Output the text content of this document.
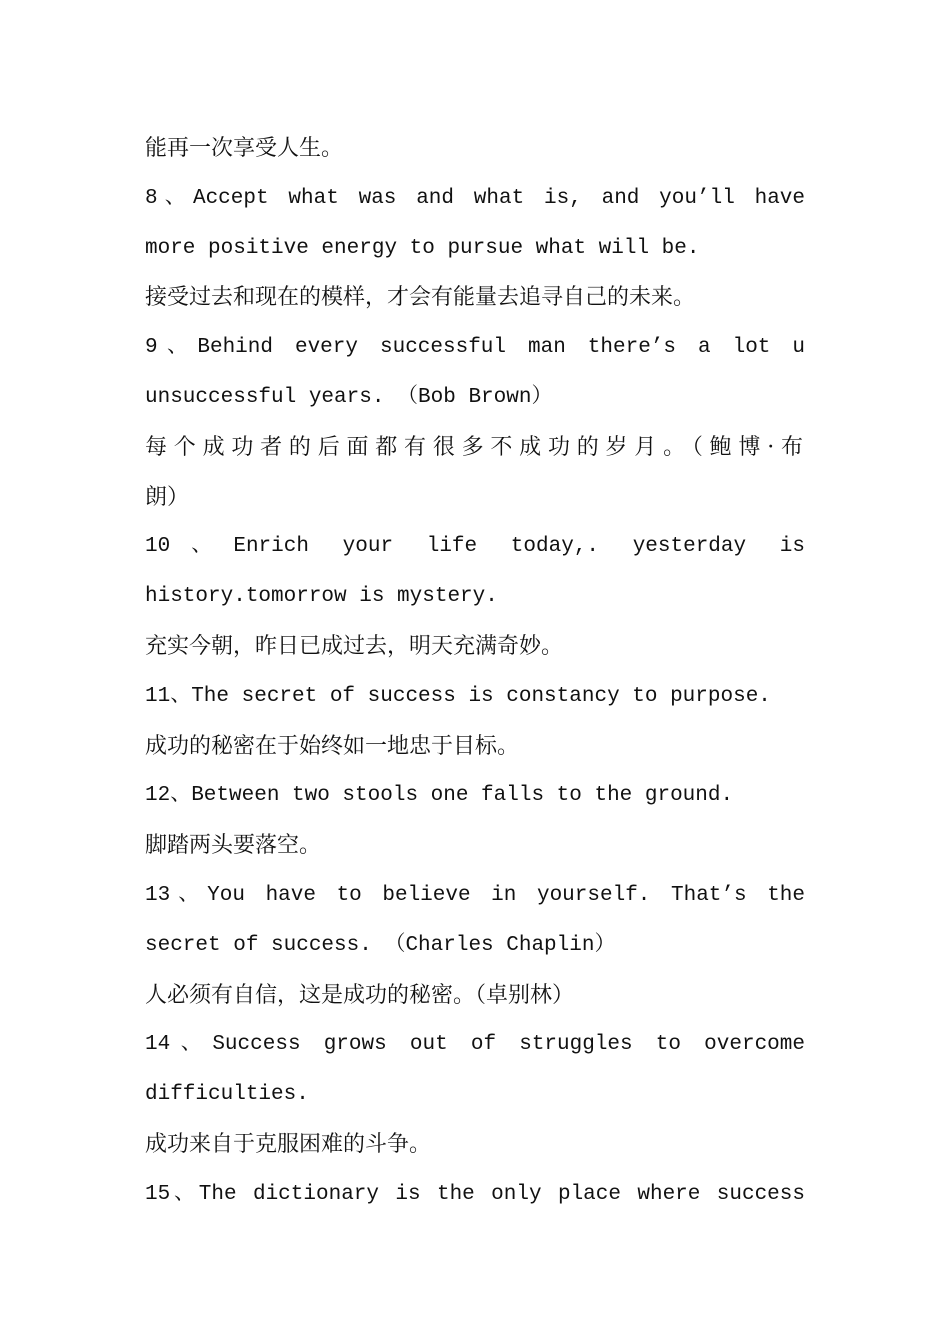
能再一次享受人生。
8、Accept what was and what is, and you’ll have
more positive energy to pursue what will be.
接受过去和现在的模样，才会有能量去追寻自己的未来。
9、Behind every successful man there’s a lot u
unsuccessful years. （Bob Brown）
每个成功者的后面都有很多不成功的岁月。（鲍博·布
朗）
10、Enrich your life today,. yesterday is
history.tomorrow is mystery.
充实今朝，昨日已成过去，明天充满奇妙。
11、The secret of success is constancy to purpose.
成功的秘密在于始终如一地忠于目标。
12、Between two stools one falls to the ground.
脚踏两头要落空。
13、You have to believe in yourself. That’s the
secret of success. （Charles Chaplin）
人必须有自信，这是成功的秘密。（卓别林）
14、Success grows out of struggles to overcome
difficulties.
成功来自于克服困难的斗争。
15、The dictionary is the only place where success
